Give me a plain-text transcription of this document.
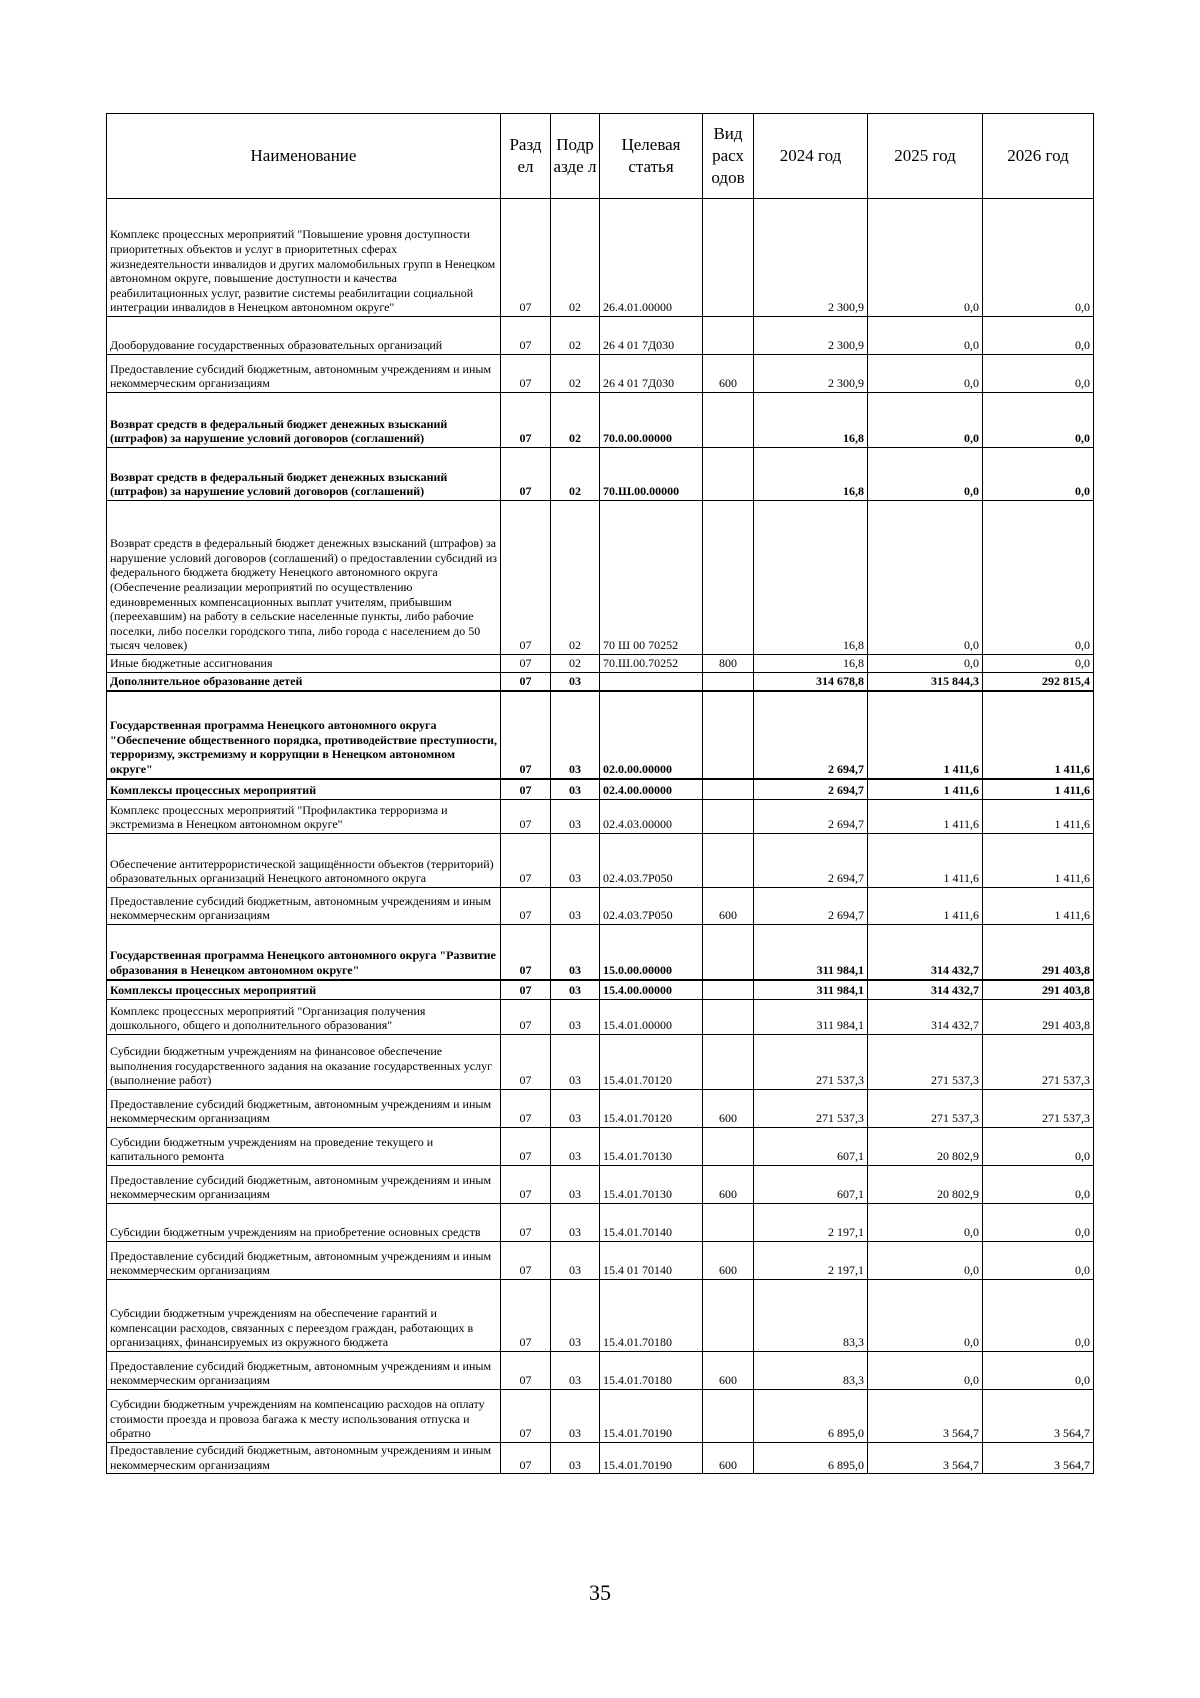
Наименование	Разд ел	Подр азде л	Целевая статья	Вид расх одов	2024 год	2025 год	2026 год
Комплекс процессных мероприятий "Повышение уровня доступности приоритетных объектов и услуг в приоритетных сферах жизнедеятельности инвалидов и других маломобильных групп в Ненецком автономном округе, повышение доступности и качества реабилитационных услуг, развитие системы реабилитации социальной интеграции инвалидов в Ненецком автономном округе"	07	02	26.4.01.00000		2 300,9	0,0	0,0
Дооборудование государственных образовательных организаций	07	02	26 4 01 7Д030		2 300,9	0,0	0,0
Предоставление субсидий бюджетным, автономным учреждениям и иным некоммерческим организациям	07	02	26 4 01 7Д030	600	2 300,9	0,0	0,0
Возврат средств в федеральный бюджет денежных взысканий (штрафов) за нарушение условий договоров (соглашений)	07	02	70.0.00.00000		16,8	0,0	0,0
Возврат средств в федеральный бюджет денежных взысканий (штрафов) за нарушение условий договоров (соглашений)	07	02	70.Ш.00.00000		16,8	0,0	0,0
Возврат средств в федеральный бюджет денежных взысканий (штрафов) за нарушение условий договоров (соглашений) о предоставлении субсидий из федерального бюджета бюджету Ненецкого автономного округа (Обеспечение реализации мероприятий по осуществлению единовременных компенсационных выплат учителям, прибывшим (переехавшим) на работу в сельские населенные пункты, либо рабочие поселки, либо поселки городского типа, либо города с населением до 50 тысяч человек)	07	02	70 Ш 00 70252		16,8	0,0	0,0
Иные бюджетные ассигнования	07	02	70.Ш.00.70252	800	16,8	0,0	0,0
Дополнительное образование детей	07	03			314 678,8	315 844,3	292 815,4
Государственная программа Ненецкого автономного округа "Обеспечение общественного порядка, противодействие преступности, терроризму, экстремизму и коррупции в Ненецком автономном округе"	07	03	02.0.00.00000		2 694,7	1 411,6	1 411,6
Комплексы процессных мероприятий	07	03	02.4.00.00000		2 694,7	1 411,6	1 411,6
Комплекс процессных мероприятий "Профилактика терроризма и экстремизма в Ненецком автономном округе"	07	03	02.4.03.00000		2 694,7	1 411,6	1 411,6
Обеспечение антитеррористической защищённости объектов (территорий) образовательных организаций Ненецкого автономного округа	07	03	02.4.03.7Р050		2 694,7	1 411,6	1 411,6
Предоставление субсидий бюджетным, автономным учреждениям и иным некоммерческим организациям	07	03	02.4.03.7Р050	600	2 694,7	1 411,6	1 411,6
Государственная программа Ненецкого автономного округа "Развитие образования в Ненецком автономном округе"	07	03	15.0.00.00000		311 984,1	314 432,7	291 403,8
Комплексы процессных мероприятий	07	03	15.4.00.00000		311 984,1	314 432,7	291 403,8
Комплекс процессных мероприятий "Организация получения дошкольного, общего и дополнительного образования"	07	03	15.4.01.00000		311 984,1	314 432,7	291 403,8
Субсидии бюджетным учреждениям на финансовое обеспечение выполнения государственного задания на оказание государственных услуг (выполнение работ)	07	03	15.4.01.70120		271 537,3	271 537,3	271 537,3
Предоставление субсидий бюджетным, автономным учреждениям и иным некоммерческим организациям	07	03	15.4.01.70120	600	271 537,3	271 537,3	271 537,3
Субсидии бюджетным учреждениям на проведение текущего и капитального ремонта	07	03	15.4.01.70130		607,1	20 802,9	0,0
Предоставление субсидий бюджетным, автономным учреждениям и иным некоммерческим организациям	07	03	15.4.01.70130	600	607,1	20 802,9	0,0
Субсидии бюджетным учреждениям на приобретение основных средств	07	03	15.4.01.70140		2 197,1	0,0	0,0
Предоставление субсидий бюджетным, автономным учреждениям и иным некоммерческим организациям	07	03	15.4 01 70140	600	2 197,1	0,0	0,0
Субсидии бюджетным учреждениям на обеспечение гарантий и компенсации расходов, связанных с переездом граждан, работающих в организациях, финансируемых из окружного бюджета	07	03	15.4.01.70180		83,3	0,0	0,0
Предоставление субсидий бюджетным, автономным учреждениям и иным некоммерческим организациям	07	03	15.4.01.70180	600	83,3	0,0	0,0
Субсидии бюджетным учреждениям на компенсацию расходов на оплату стоимости проезда и провоза багажа к месту использования отпуска и обратно	07	03	15.4.01.70190		6 895,0	3 564,7	3 564,7
Предоставление субсидий бюджетным, автономным учреждениям и иным некоммерческим организациям	07	03	15.4.01.70190	600	6 895,0	3 564,7	3 564,7
35
